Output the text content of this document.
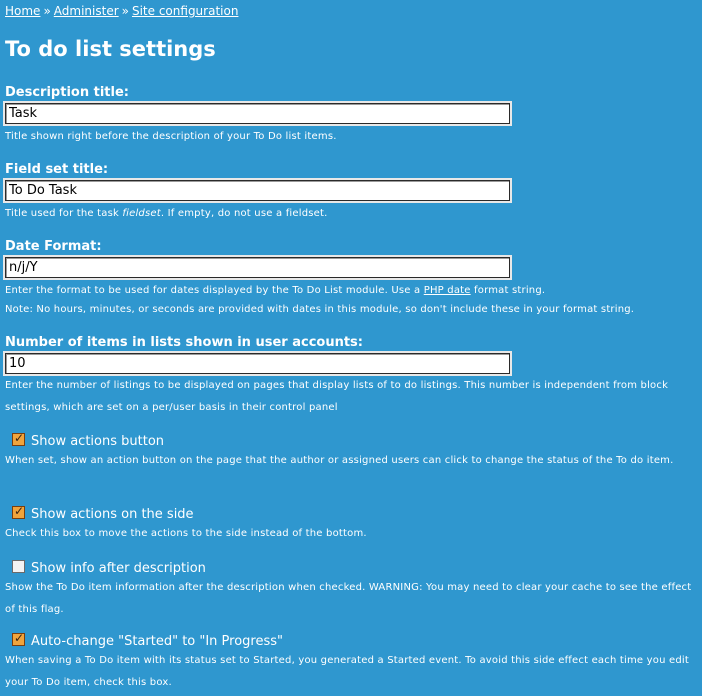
Home » Administer » Site configuration
To do list settings
Description title:
Task
Title shown right before the description of your To Do list items.
Field set title:
To Do Task
Title used for the task fieldset. If empty, do not use a fieldset.
Date Format:
n/j/Y
Enter the format to be used for dates displayed by the To Do List module. Use a PHP date format string.
Note: No hours, minutes, or seconds are provided with dates in this module, so don't include these in your format string.
Number of items in lists shown in user accounts:
10
Enter the number of listings to be displayed on pages that display lists of to do listings. This number is independent from block settings, which are set on a per/user basis in their control panel
✓ Show actions button
When set, show an action button on the page that the author or assigned users can click to change the status of the To do item.
✓ Show actions on the side
Check this box to move the actions to the side instead of the bottom.
Show info after description
Show the To Do item information after the description when checked. WARNING: You may need to clear your cache to see the effect of this flag.
✓ Auto-change "Started" to "In Progress"
When saving a To Do item with its status set to Started, you generated a Started event. To avoid this side effect each time you edit your To Do item, check this box.
